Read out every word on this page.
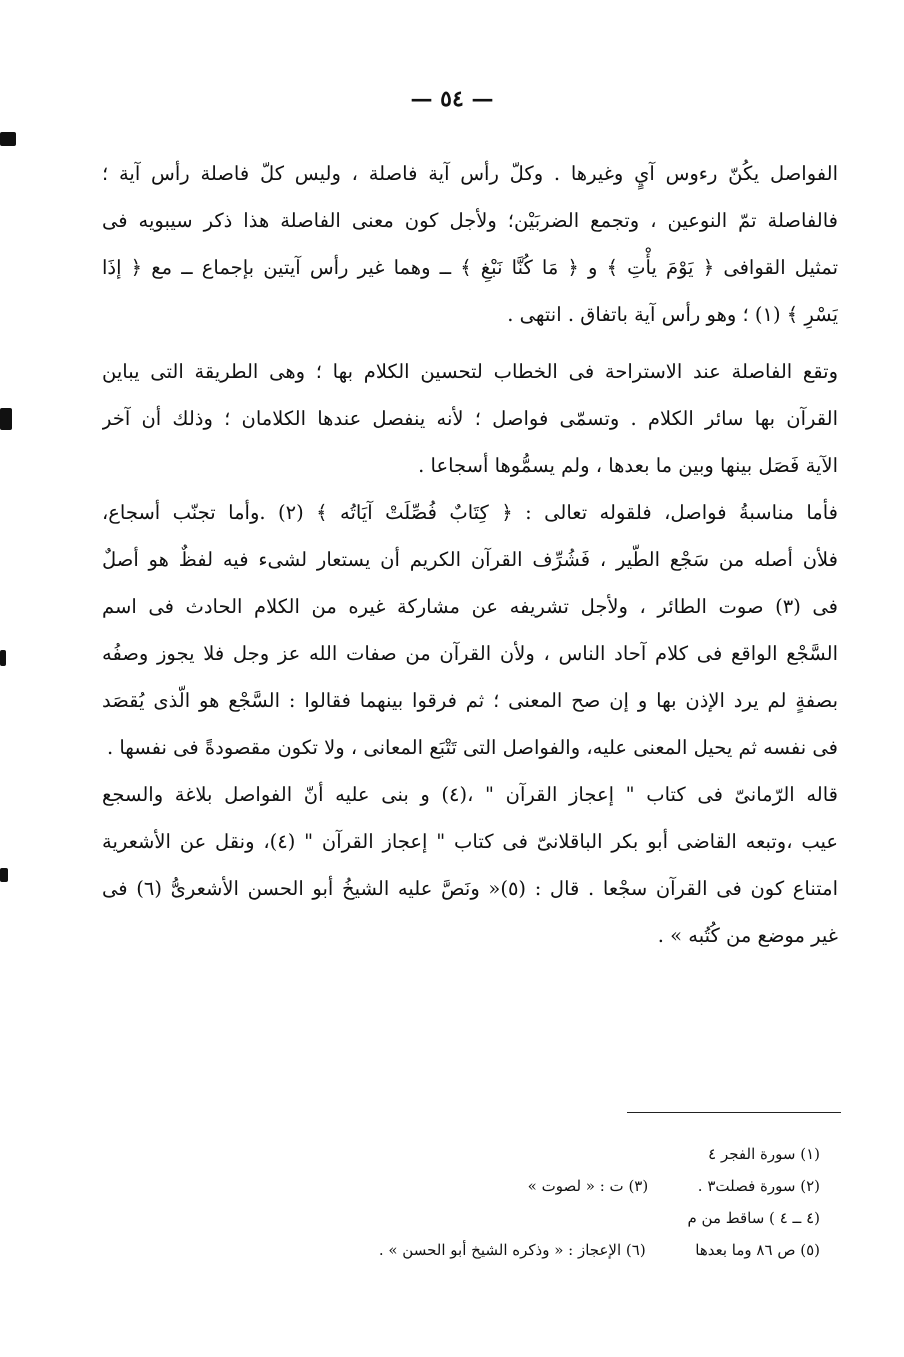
— ٥٤ —
الفواصل يكُنّ رءوس آيٍ وغيرها . وكلّ رأس آية فاصلة ، وليس كلّ فاصلة رأس آية ؛
فالفاصلة تمّ النوعين ، وتجمع الضربَيْن؛ ولأجل كون معنى الفاصلة هذا ذكر سيبويه فى
تمثيل القوافى ﴿ يَوْمَ يأْتِ ﴾ و ﴿ مَا كُنَّا نَبْغِ ﴾ ــ وهما غير رأس آيتين بإجماع ــ مع ﴿ إذَا
يَسْرِ ﴾ (١) ؛ وهو رأس آية باتفاق . انتهى .
وتقع الفاصلة عند الاستراحة فى الخطاب لتحسين الكلام بها ؛ وهى الطريقة التى يباين
القرآن بها سائر الكلام . وتسمّى فواصل ؛ لأنه ينفصل عندها الكلامان ؛ وذلك أن آخر
الآية فَصَل بينها وبين ما بعدها ، ولم يسمُّوها أسجاعا .
فأما مناسبةُ فواصل، فلقوله تعالى : ﴿ كِتَابٌ فُصِّلَتْ آيَاتُه ﴾ (٢) .وأما تجنّب أسجاع،
فلأن أصله من سَجْع الطّير ، فَشُرِّف القرآن الكريم أن يستعار لشىء فيه لفظٌ هو أصلٌ
فى (٣) صوت الطائر ، ولأجل تشريفه عن مشاركة غيره من الكلام الحادث فى اسم
السَّجْع الواقع فى كلام آحاد الناس ، ولأن القرآن من صفات الله عز وجل فلا يجوز وصفُه
بصفةٍ لم يرد الإذن بها و إن صح المعنى ؛ ثم فرقوا بينهما فقالوا : السَّجْع هو الّذى يُقصَد
فى نفسه ثم يحيل المعنى عليه، والفواصل التى تَتْبَع المعانى ، ولا تكون مقصودةً فى نفسها .
قاله الرّمانىّ فى كتاب " إعجاز القرآن " ،(٤) و بنى عليه أنّ الفواصل بلاغة والسجع
عيب ،وتبعه القاضى أبو بكر الباقلانىّ فى كتاب " إعجاز القرآن " (٤)، ونقل عن الأشعرية
امتناع كون فى القرآن سجْعا . قال : (٥)« ونَصَّ عليه الشيخُ أبو الحسن الأشعرىُّ (٦) فى
غير موضع من كُتُبه » .
(١) سورة الفجر ٤
(٢) سورة فصلت٣ .  (٣) ت : « لصوت »
(٤ ــ ٤ ) ساقط من م
(٥) ص ٨٦ وما بعدها  (٦) الإعجاز : « وذكره الشيخ أبو الحسن » .
